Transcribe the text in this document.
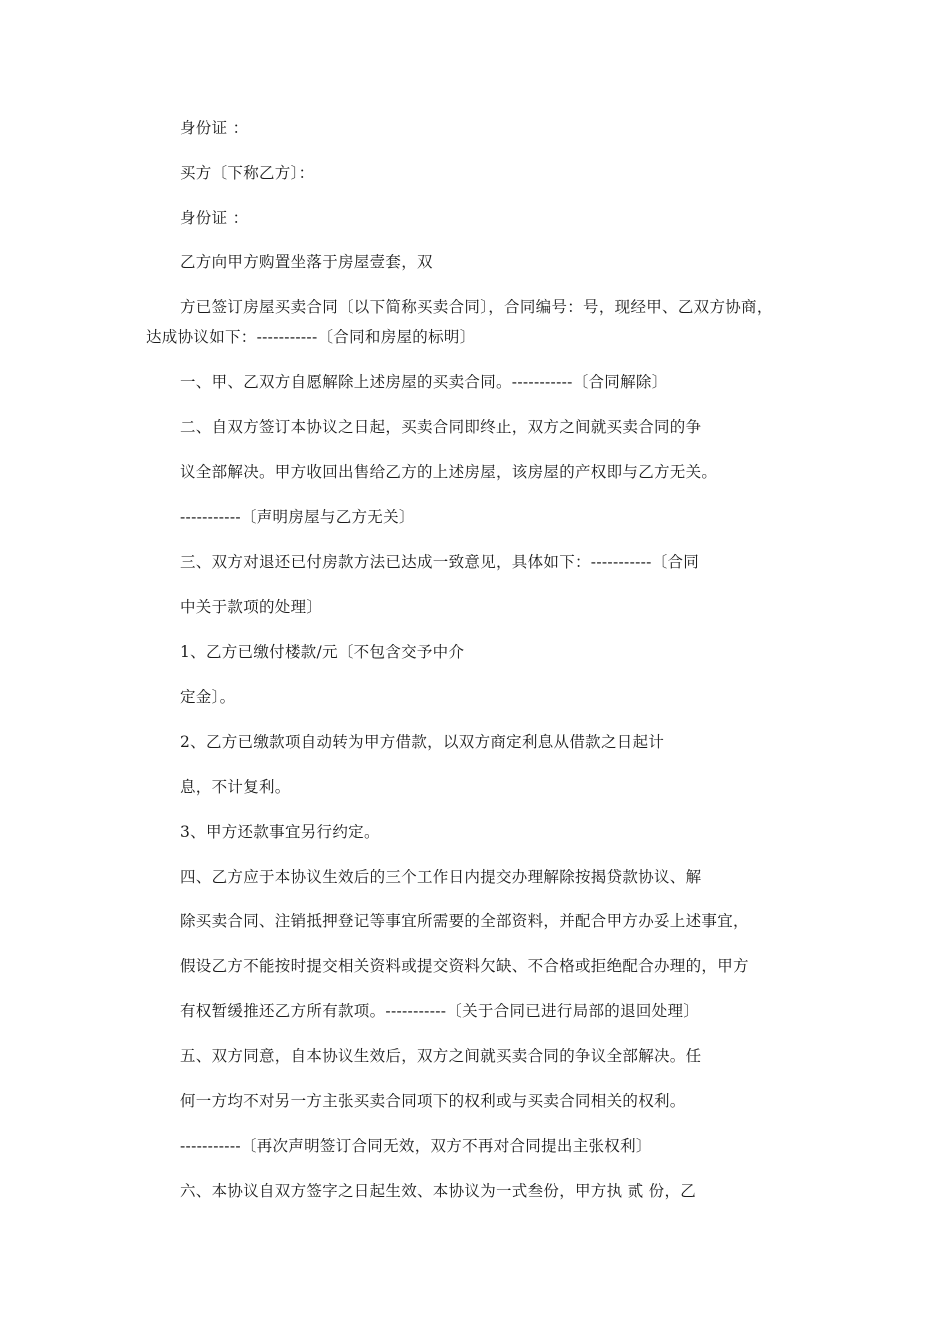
身份证 ：
买方〔下称乙方〕：
身份证 ：
乙方向甲方购置坐落于房屋壹套，双
方已签订房屋买卖合同〔以下简称买卖合同〕，合同编号：号，现经甲、乙双方协商，
达成协议如下：-----------〔合同和房屋的标明〕
一、甲、乙双方自愿解除上述房屋的买卖合同。-----------〔合同解除〕
二、自双方签订本协议之日起，买卖合同即终止，双方之间就买卖合同的争
议全部解决。甲方收回出售给乙方的上述房屋，该房屋的产权即与乙方无关。
-----------〔声明房屋与乙方无关〕
三、双方对退还已付房款方法已达成一致意见，具体如下：-----------〔合同
中关于款项的处理〕
1、乙方已缴付楼款/元〔不包含交予中介
定金〕。
2、乙方已缴款项自动转为甲方借款，以双方商定利息从借款之日起计
息，不计复利。
3、甲方还款事宜另行约定。
四、乙方应于本协议生效后的三个工作日内提交办理解除按揭贷款协议、解
除买卖合同、注销抵押登记等事宜所需要的全部资料，并配合甲方办妥上述事宜，
假设乙方不能按时提交相关资料或提交资料欠缺、不合格或拒绝配合办理的，甲方
有权暂缓推还乙方所有款项。-----------〔关于合同已进行局部的退回处理〕
五、双方同意，自本协议生效后，双方之间就买卖合同的争议全部解决。任
何一方均不对另一方主张买卖合同项下的权利或与买卖合同相关的权利。
-----------〔再次声明签订合同无效，双方不再对合同提出主张权利〕
六、本协议自双方签字之日起生效、本协议为一式叁份，甲方执 贰 份，乙
